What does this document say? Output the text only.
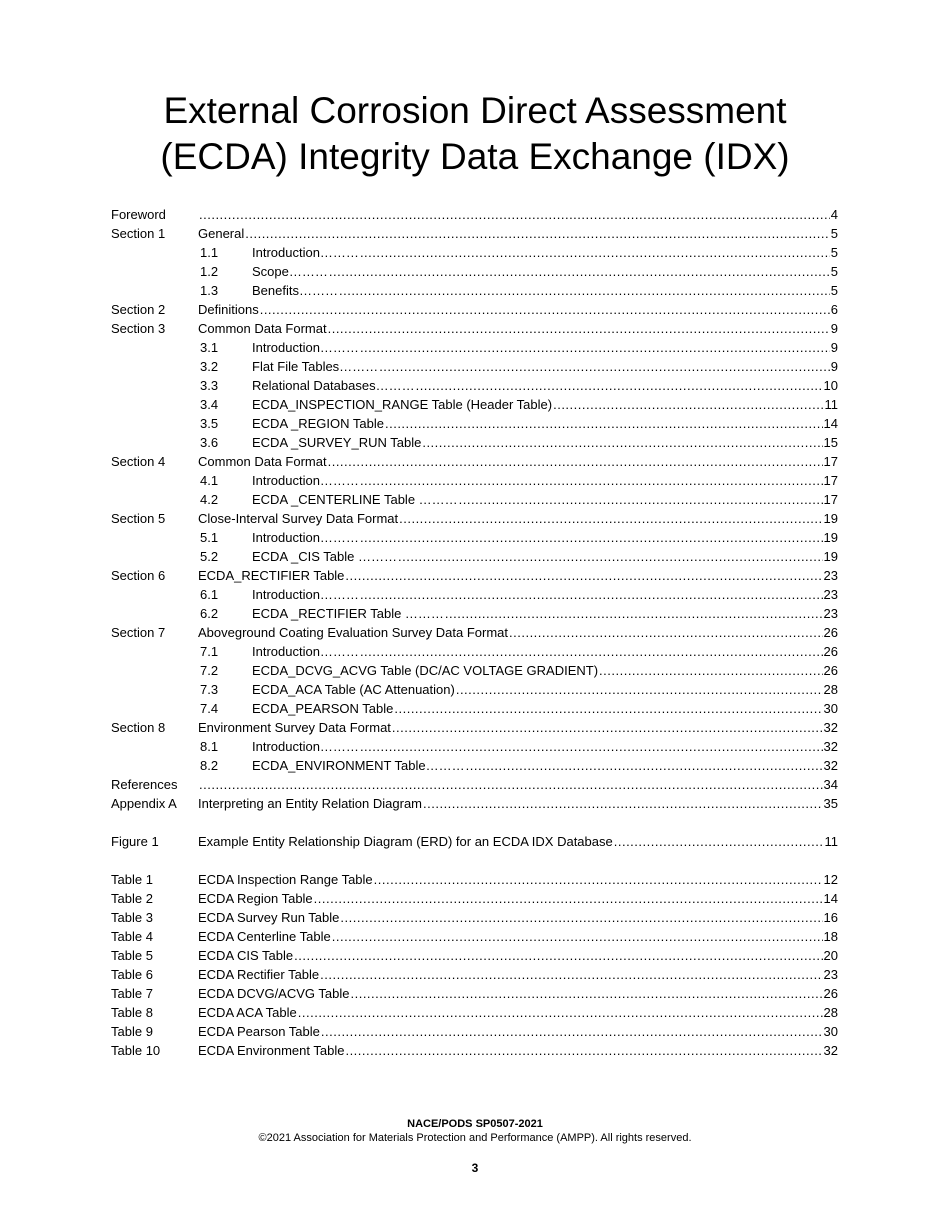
External Corrosion Direct Assessment
(ECDA) Integrity Data Exchange (IDX)
Foreword .....	4
Section 1	General .....	5
1.1	Introduction……… .....	5
1.2	Scope……… .....	5
1.3	Benefits……… .....	5
Section 2	Definitions .....	6
Section 3	Common Data Format .....	9
3.1	Introduction……… .....	9
3.2	Flat File Tables……… .....	9
3.3	Relational Databases……… .....	10
3.4	ECDA_INSPECTION_RANGE Table (Header Table) .....	11
3.5	ECDA _REGION Table .....	14
3.6	ECDA _SURVEY_RUN Table .....	15
Section 4	Common Data Format .....	17
4.1	Introduction……… .....	17
4.2	ECDA _CENTERLINE Table ……… .....	17
Section 5	Close-Interval Survey Data Format .....	19
5.1	Introduction……… .....	19
5.2	ECDA _CIS Table ……… .....	19
Section 6	ECDA_RECTIFIER Table .....	23
6.1	Introduction……… .....	23
6.2	ECDA _RECTIFIER Table ……… .....	23
Section 7	Aboveground Coating Evaluation Survey Data Format .....	26
7.1	Introduction……… .....	26
7.2	ECDA_DCVG_ACVG Table (DC/AC VOLTAGE GRADIENT) .....	26
7.3	ECDA_ACA Table (AC Attenuation) .....	28
7.4	ECDA_PEARSON Table .....	30
Section 8	Environment Survey Data Format .....	32
8.1	Introduction……… .....	32
8.2	ECDA_ENVIRONMENT Table……… .....	32
References .....	34
Appendix A Interpreting an Entity Relation Diagram .....	35
Figure 1	Example Entity Relationship Diagram (ERD) for an ECDA IDX Database .....	11
Table 1	ECDA Inspection Range Table .....	12
Table 2	ECDA Region Table .....	14
Table 3	ECDA Survey Run Table .....	16
Table 4	ECDA Centerline Table .....	18
Table 5	ECDA CIS Table .....	20
Table 6	ECDA Rectifier Table .....	23
Table 7	ECDA DCVG/ACVG Table .....	26
Table 8	ECDA ACA Table .....	28
Table 9	ECDA Pearson Table .....	30
Table 10	ECDA Environment Table .....	32
NACE/PODS SP0507-2021
©2021 Association for Materials Protection and Performance (AMPP). All rights reserved.
3
